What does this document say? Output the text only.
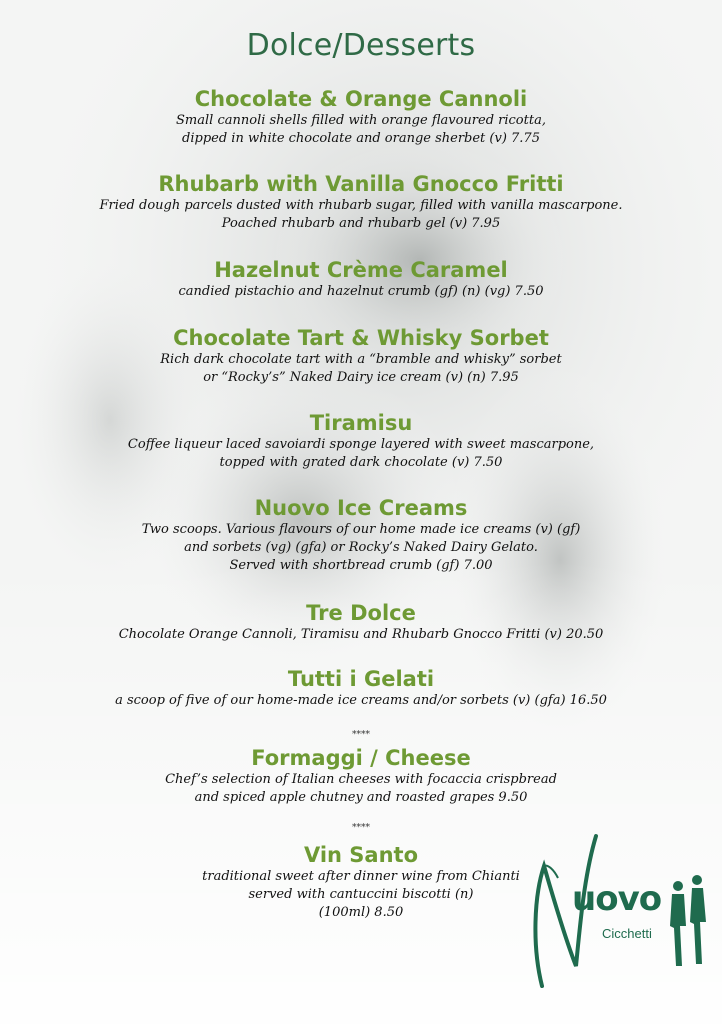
Dolce/Desserts

Chocolate & Orange Cannoli

Small cannoli shells filled with orange flavoured ricotta,

dipped in white chocolate and orange sherbet (v) 7.75

Rhubarb with Vanilla Gnocco Fritti

Fried dough parcels dusted with rhubarb sugar, filled with vanilla mascarpone.

Poached rhubarb and rhubarb gel (v) 7.95

Hazelnut Crème Caramel

candied pistachio and hazelnut crumb (gf) (n) (vg) 7.50

Chocolate Tart & Whisky Sorbet

Rich dark chocolate tart with a “bramble and whisky” sorbet

or “Rocky’s” Naked Dairy ice cream (v) (n) 7.95

Tiramisu

Coffee liqueur laced savoiardi sponge layered with sweet mascarpone,

topped with grated dark chocolate (v) 7.50

Nuovo Ice Creams

Two scoops. Various flavours of our home made ice creams (v) (gf)

and sorbets (vg) (gfa) or Rocky’s Naked Dairy Gelato.

Served with shortbread crumb (gf) 7.00

Tre Dolce

Chocolate Orange Cannoli, Tiramisu and Rhubarb Gnocco Fritti (v) 20.50

Tutti i Gelati

a scoop of five of our home-made ice creams and/or sorbets (v) (gfa) 16.50

****

Formaggi / Cheese

Chef’s selection of Italian cheeses with focaccia crispbread

and spiced apple chutney and roasted grapes 9.50

****

Vin Santo

traditional sweet after dinner wine from Chianti

served with cantuccini biscotti (n)

(100ml) 8.50	uovo
Cicchetti
